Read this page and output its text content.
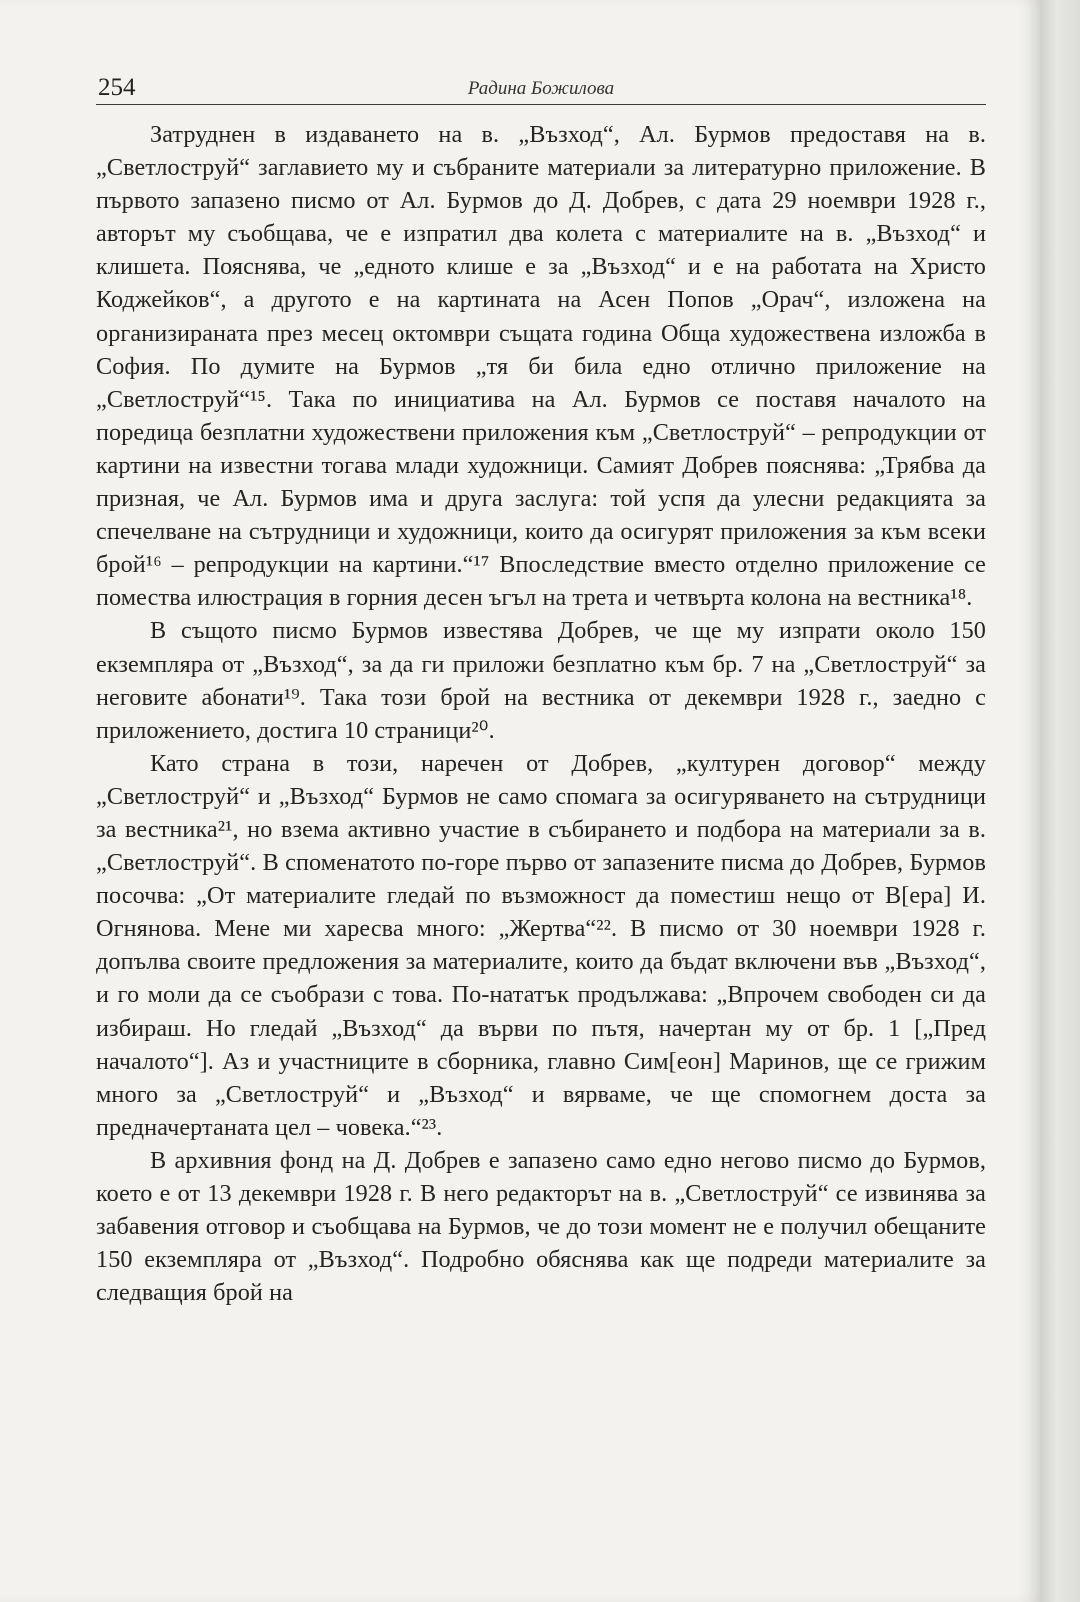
254	Радина Божилова

Затруднен в издаването на в. „Възход“, Ал. Бурмов предоставя на в. „Светлоструй“ заглавието му и събраните материали за литературно приложение. В първото запазено писмо от Ал. Бурмов до Д. Добрев, с дата 29 ноември 1928 г., авторът му съобщава, че е изпратил два колета с материалите на в. „Възход“ и клишета. Пояснява, че „едното клише е за „Възход“ и е на работата на Христо Коджейков“, а другото е на картината на Асен Попов „Орач“, изложена на организираната през месец октомври същата година Обща художествена изложба в София. По думите на Бурмов „тя би била едно отлично приложение на „Светлоструй“¹⁵. Така по инициатива на Ал. Бурмов се поставя началото на поредица безплатни художествени приложения към „Светлоструй“ – репродукции от картини на известни тогава млади художници. Самият Добрев пояснява: „Трябва да призная, че Ал. Бурмов има и друга заслуга: той успя да улесни редакцията за спечелване на сътрудници и художници, които да осигурят приложения за към всеки брой¹⁶ – репродукции на картини.“¹⁷ Впоследствие вместо отделно приложение се помества илюстрация в горния десен ъгъл на трета и четвърта колона на вестника¹⁸.

В същото писмо Бурмов известява Добрев, че ще му изпрати около 150 екземпляра от „Възход“, за да ги приложи безплатно към бр. 7 на „Светлоструй“ за неговите абонати¹⁹. Така този брой на вестника от декември 1928 г., заедно с приложението, достига 10 страници²⁰.

Като страна в този, наречен от Добрев, „културен договор“ между „Светлоструй“ и „Възход“ Бурмов не само спомага за осигуряването на сътрудници за вестника²¹, но взема активно участие в събирането и подбора на материали за в. „Светлоструй“. В споменатото по-горе първо от запазените писма до Добрев, Бурмов посочва: „От материалите гледай по възможност да поместиш нещо от В[ера] И. Огнянова. Мене ми харесва много: „Жертва“²². В писмо от 30 ноември 1928 г. допълва своите предложения за материалите, които да бъдат включени във „Възход“, и го моли да се съобрази с това. По-нататък продължава: „Впрочем свободен си да избираш. Но гледай „Възход“ да върви по пътя, начертан му от бр. 1 [„Пред началото“]. Аз и участниците в сборника, главно Сим[еон] Маринов, ще се грижим много за „Светлоструй“ и „Възход“ и вярваме, че ще спомогнем доста за предначертаната цел – човека.“²³.

В архивния фонд на Д. Добрев е запазено само едно негово писмо до Бурмов, което е от 13 декември 1928 г. В него редакторът на в. „Светлоструй“ се извинява за забавения отговор и съобщава на Бурмов, че до този момент не е получил обещаните 150 екземпляра от „Възход“. Подробно обяснява как ще подреди материалите за следващия брой на
